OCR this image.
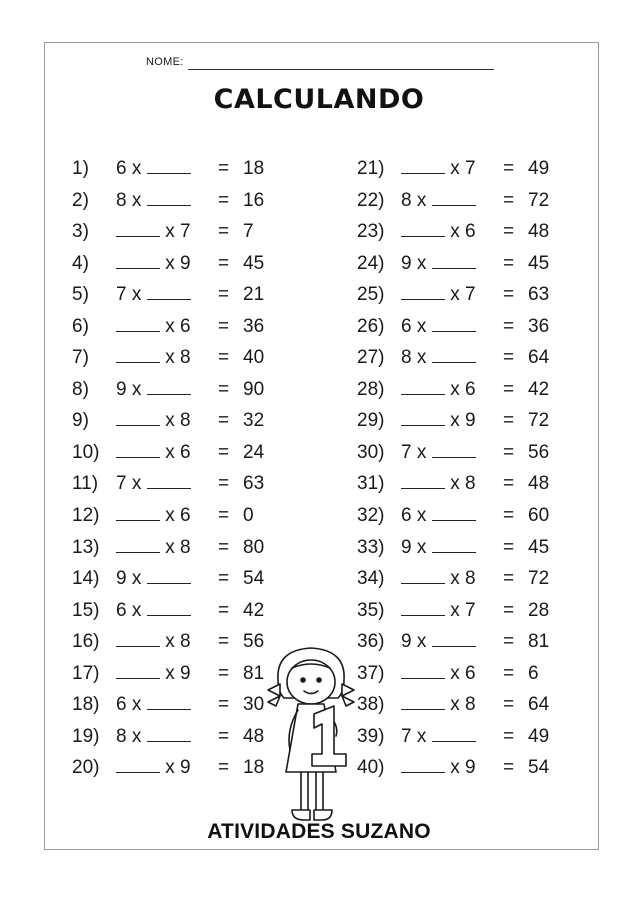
NOME:
CALCULANDO
1) 6 x	= 18
2) 8 x	= 16
3)	x 7 = 7
4)	x 9 = 45
5) 7 x	= 21
6)	x 6 = 36
7)	x 8 = 40
8) 9 x	= 90
9)	x 8 = 32
10)	x 6 = 24
11) 7 x	= 63
12)	x 6 = 0
13)	x 8 = 80
14) 9 x	= 54
15) 6 x	= 42
16)	x 8 = 56
17)	x 9 = 81
18) 6 x	= 30
19) 8 x	= 48
20)	x 9 = 18
21)	x 7 = 49
22) 8 x	= 72
23)	x 6 = 48
24) 9 x	= 45
25)	x 7 = 63
26) 6 x	= 36
27) 8 x	= 64
28)	x 6 = 42
29)	x 9 = 72
30) 7 x	= 56
31)	x 8 = 48
32) 6 x	= 60
33) 9 x	= 45
34)	x 8 = 72
35)	x 7 = 28
36) 9 x	= 81
37)	x 6 = 6
38)	x 8 = 64
39) 7 x	= 49
40)	x 9 = 54
ATIVIDADES SUZANO
